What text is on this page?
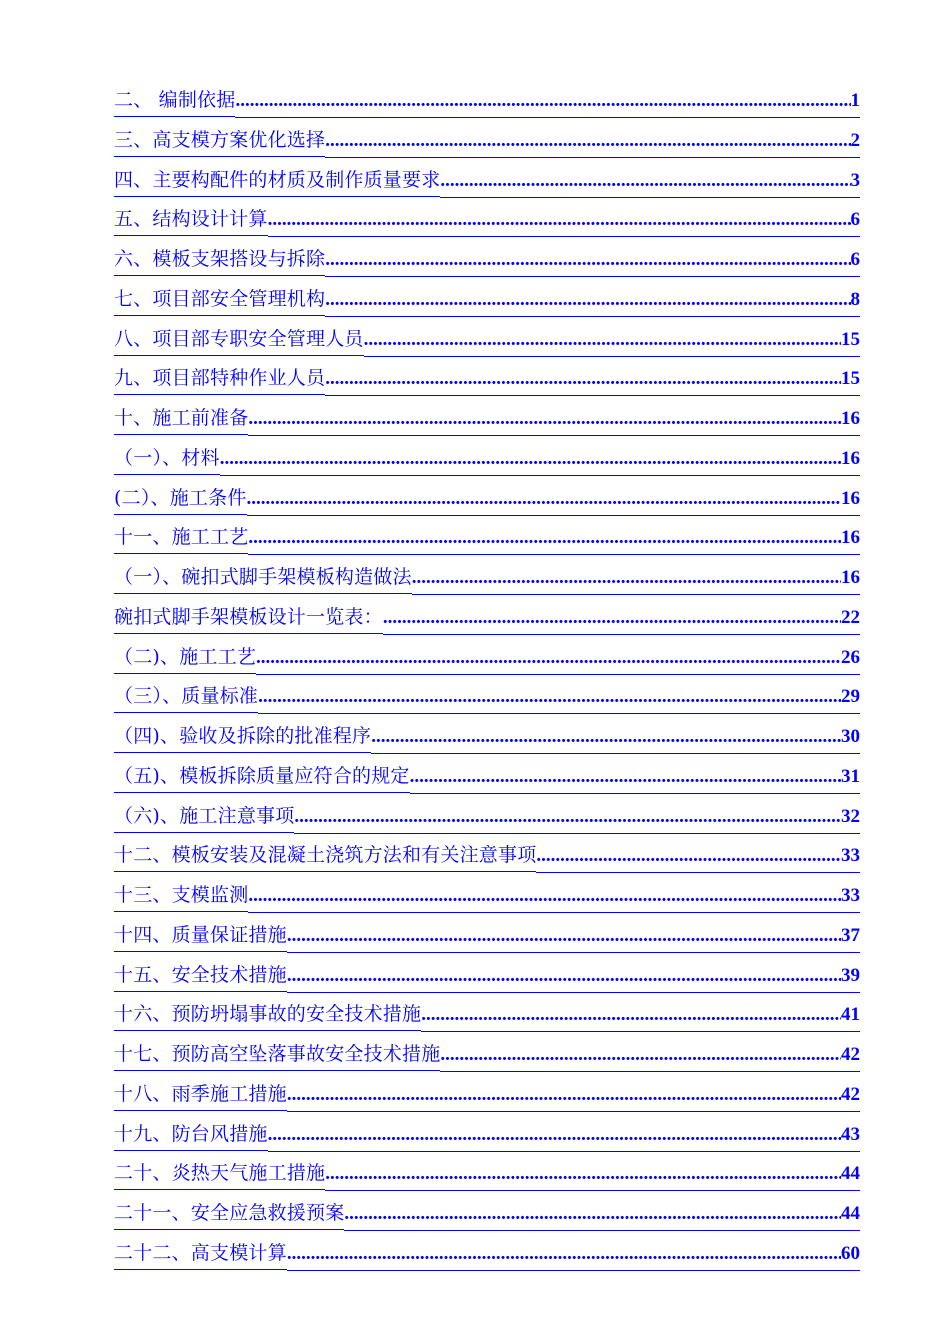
二、 编制依据 .....	1
三、高支模方案优化选择 .....	2
四、主要构配件的材质及制作质量要求 .....	3
五、结构设计计算 .....	6
六、模板支架搭设与拆除 .....	6
七、项目部安全管理机构 .....	8
八、项目部专职安全管理人员 .....	15
九、项目部特种作业人员 .....	15
十、施工前准备 .....	16
（一）、材料 .....	16
(二）、施工条件 .....	16
十一、施工工艺 .....	16
（一）、碗扣式脚手架模板构造做法 .....	16
碗扣式脚手架模板设计一览表： .....	22
（二)、施工工艺 .....	26
（三）、质量标准 .....	29
（四)、验收及拆除的批准程序 .....	30
（五)、模板拆除质量应符合的规定 .....	31
（六)、施工注意事项 .....	32
十二、模板安装及混凝土浇筑方法和有关注意事项 .....	33
十三、支模监测 .....	33
十四、质量保证措施 .....	37
十五、安全技术措施 .....	39
十六、预防坍塌事故的安全技术措施 .....	41
十七、预防高空坠落事故安全技术措施 .....	42
十八、雨季施工措施 .....	42
十九、防台风措施 .....	43
二十、炎热天气施工措施 .....	44
二十一、安全应急救援预案 .....	44
二十二、高支模计算 .....	60
